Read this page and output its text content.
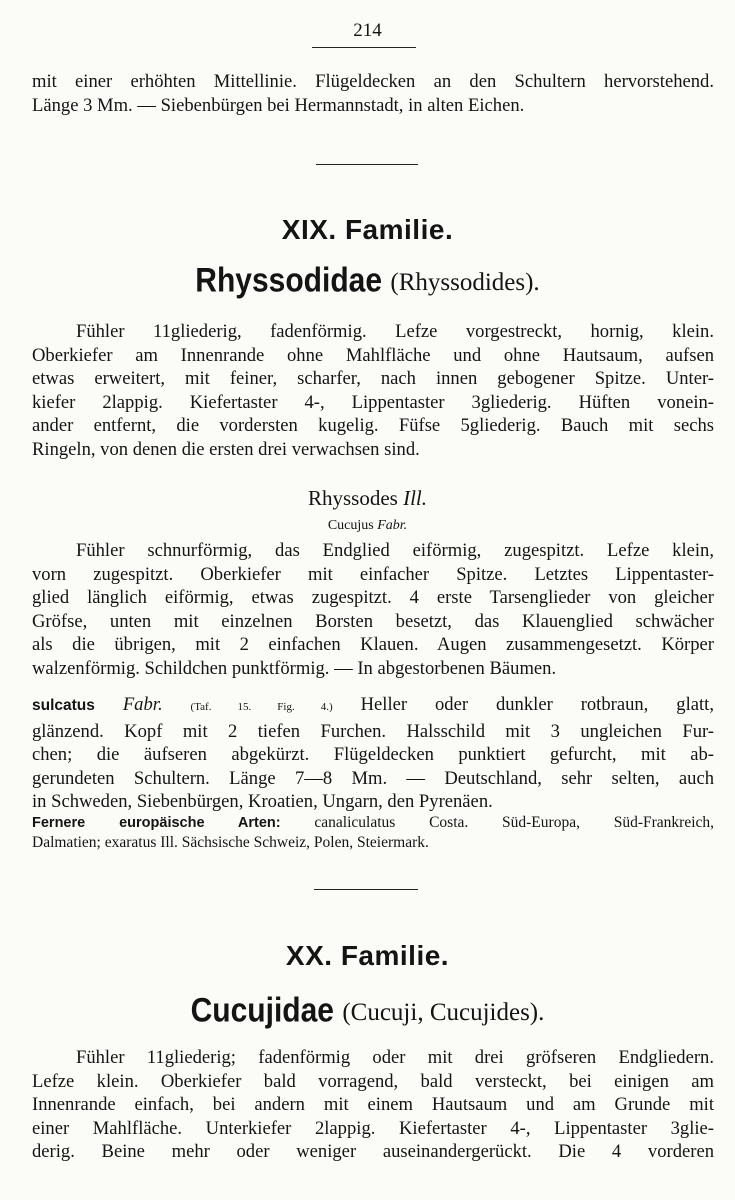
214
mit einer erhöhten Mittellinie. Flügeldecken an den Schultern hervorstehend.
Länge 3 Mm. — Siebenbürgen bei Hermannstadt, in alten Eichen.
XIX. Familie.
Rhyssodidae (Rhyssodides).
Fühler 11gliederig, fadenförmig. Lefze vorgestreckt, hornig, klein.
Oberkiefer am Innenrande ohne Mahlfläche und ohne Hautsaum, aufsen
etwas erweitert, mit feiner, scharfer, nach innen gebogener Spitze. Unter-
kiefer 2lappig. Kiefertaster 4-, Lippentaster 3gliederig. Hüften vonein-
ander entfernt, die vordersten kugelig. Füfse 5gliederig. Bauch mit sechs
Ringeln, von denen die ersten drei verwachsen sind.
Rhyssodes Ill.
Cucujus Fabr.
Fühler schnurförmig, das Endglied eiförmig, zugespitzt. Lefze klein,
vorn zugespitzt. Oberkiefer mit einfacher Spitze. Letztes Lippentaster-
glied länglich eiförmig, etwas zugespitzt. 4 erste Tarsenglieder von gleicher
Gröfse, unten mit einzelnen Borsten besetzt, das Klauenglied schwächer
als die übrigen, mit 2 einfachen Klauen. Augen zusammengesetzt. Körper
walzenförmig. Schildchen punktförmig. — In abgestorbenen Bäumen.
sulcatus Fabr.	(Taf. 15. Fig. 4.) Heller oder dunkler rotbraun, glatt,
glänzend. Kopf mit 2 tiefen Furchen. Halsschild mit 3 ungleichen Fur-
chen; die äufseren abgekürzt. Flügeldecken punktiert gefurcht, mit ab-
gerundeten Schultern. Länge 7—8 Mm. — Deutschland, sehr selten, auch
in Schweden, Siebenbürgen, Kroatien, Ungarn, den Pyrenäen.
Fernere europäische Arten: canaliculatus Costa. Süd-Europa, Süd-Frankreich,
Dalmatien; exaratus Ill. Sächsische Schweiz, Polen, Steiermark.
XX. Familie.
Cucujidae (Cucuji, Cucujides).
Fühler 11gliederig; fadenförmig oder mit drei gröfseren Endgliedern.
Lefze klein. Oberkiefer bald vorragend, bald versteckt, bei einigen am
Innenrande einfach, bei andern mit einem Hautsaum und am Grunde mit
einer Mahlfläche. Unterkiefer 2lappig. Kiefertaster 4-, Lippentaster 3glie-
derig. Beine mehr oder weniger auseinandergerückt. Die 4 vorderen
